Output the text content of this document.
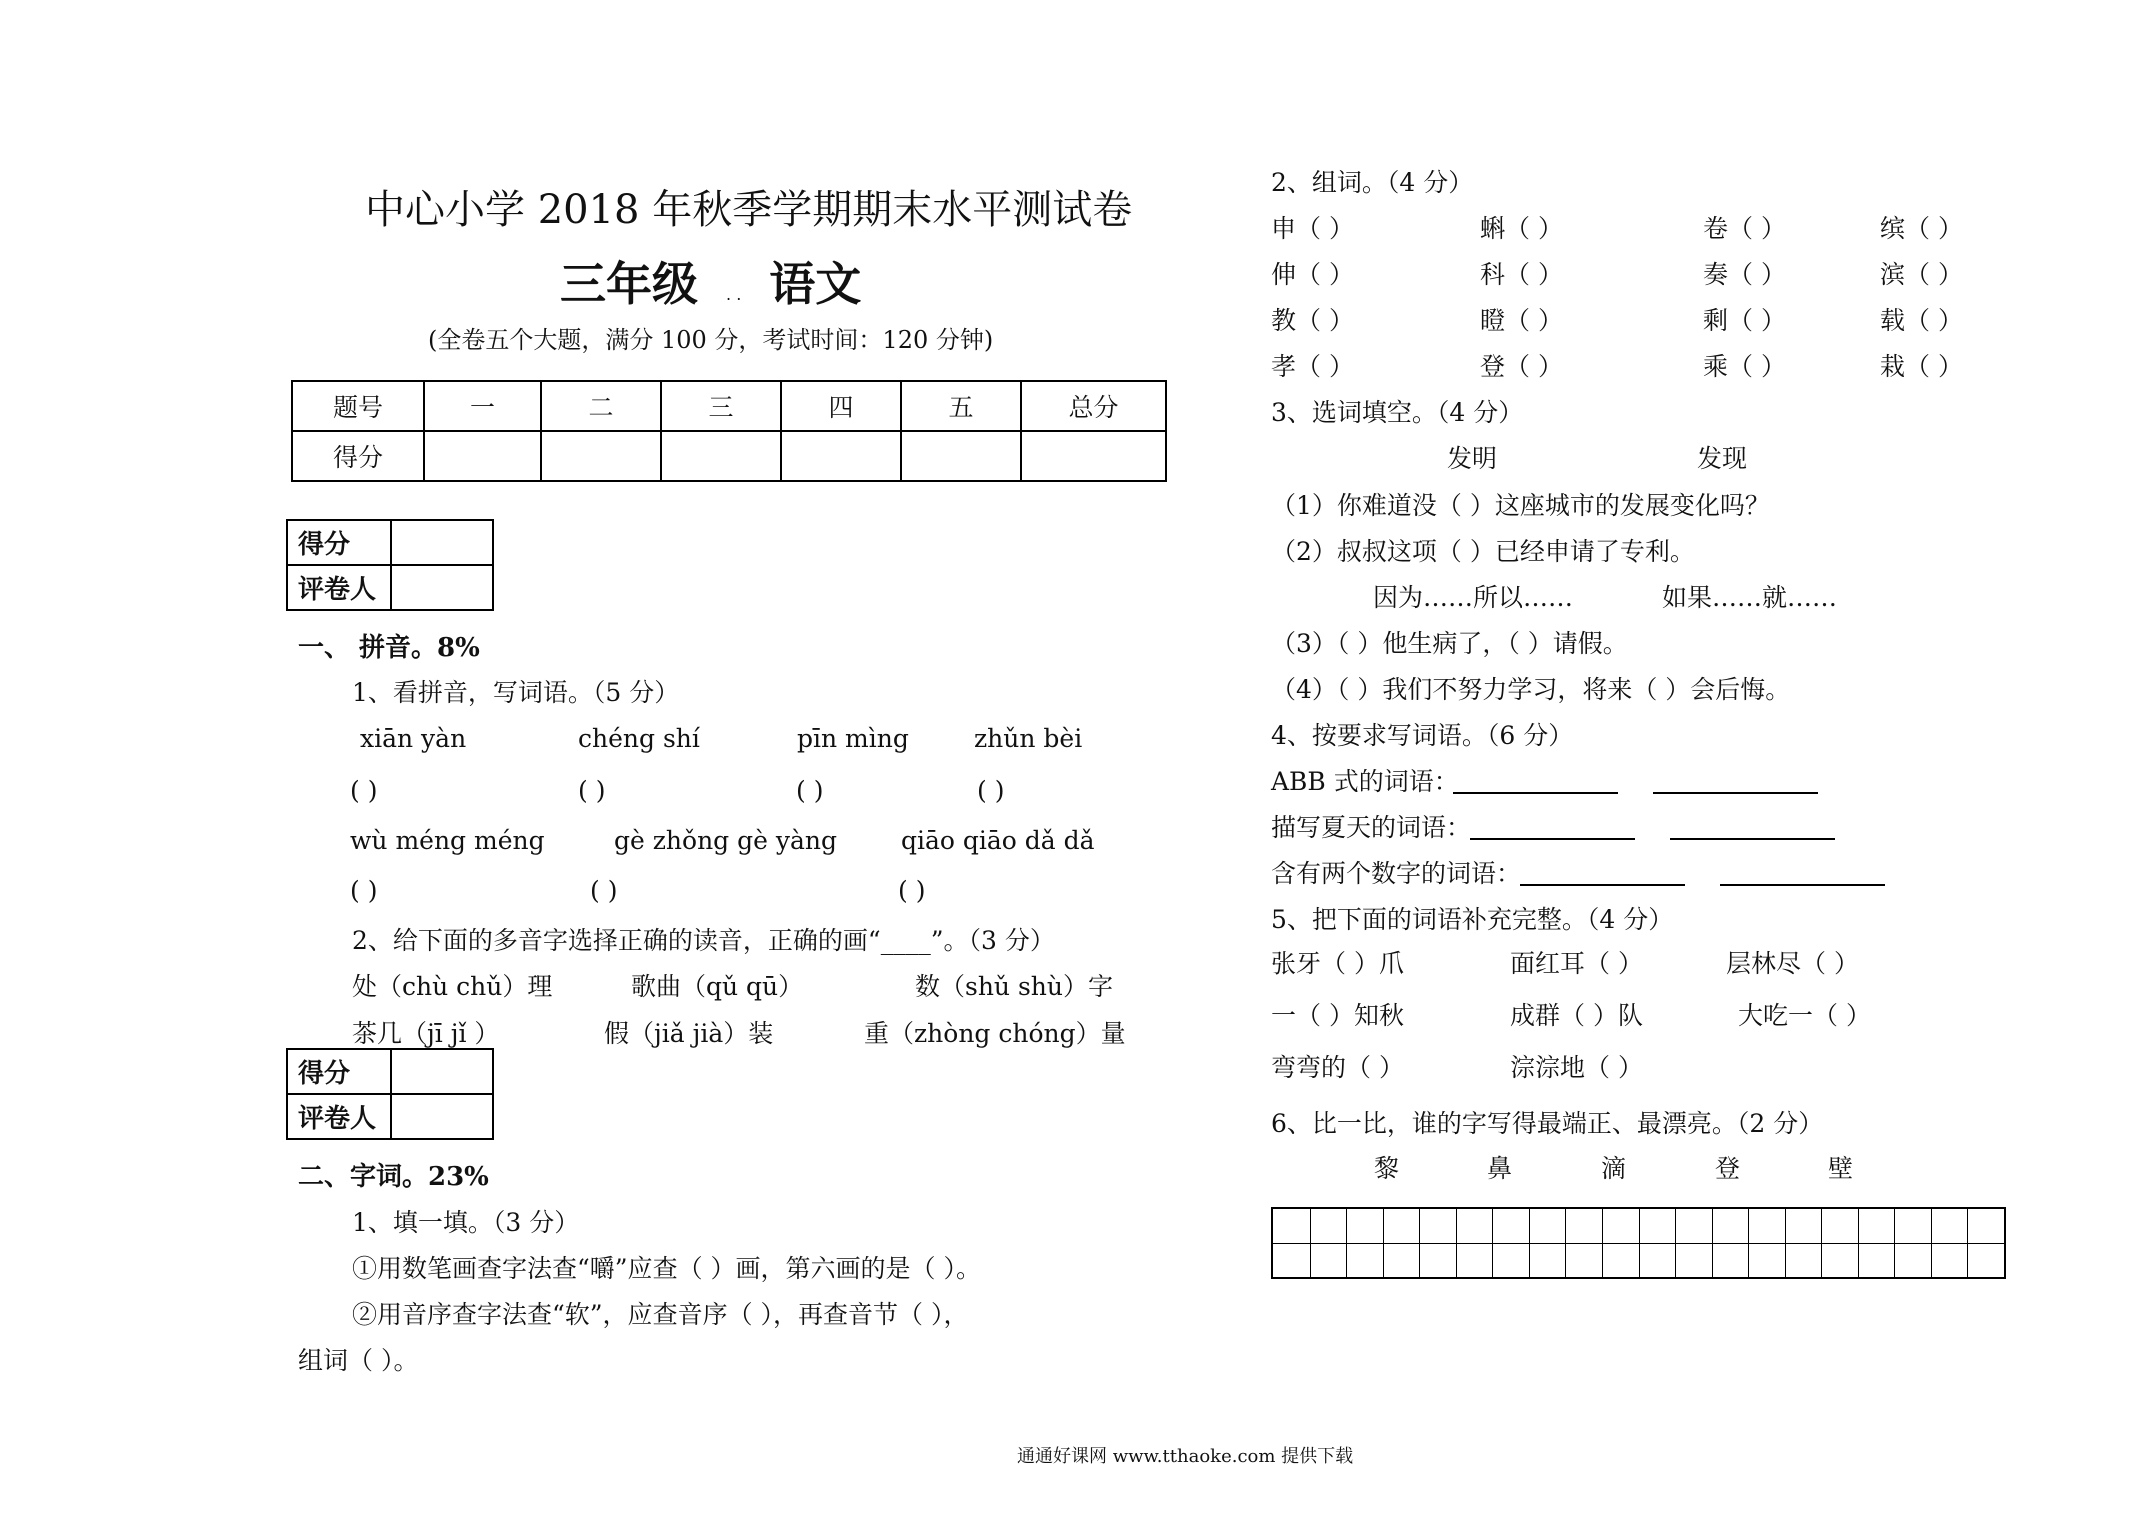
中心小学 2018 年秋季学期期末水平测试卷
三年级 . . 语文
(全卷五个大题，满分 100 分，考试时间：120 分钟)
题号	一	二	三	四	五	总分
得分						
得分	
评卷人	
一、 拼音。8%
1、看拼音，写词语。（5 分）
xiān yàn	chéng shí	pīn mìng	zhǔn bèi
( )	( )	( )	( )
wù méng méng	gè zhǒng gè yàng	qiāo qiāo dǎ dǎ
( )	( )	( )
2、给下面的多音字选择正确的读音，正确的画“____”。（3 分）
处（chù chǔ）理	歌曲（qǔ qū）	数（shǔ shù）字
茶几（jī jǐ ）	假（jiǎ jià）装	重（zhòng chóng）量
得分	
评卷人	
二、字词。23%
1、填一填。（3 分）
①用数笔画查字法查“嚼”应查（ ）画，第六画的是（ ）。
②用音序查字法查“软”，应查音序（ ），再查音节（ ），
组词（ ）。
2、组词。（4 分）
申（ ）	蝌（ ）	卷（ ）	缤（ ）
伸（ ）	科（ ）	奏（ ）	滨（ ）
教（ ）	瞪（ ）	剩（ ）	载（ ）
孝（ ）	登（ ）	乘（ ）	栽（ ）
3、选词填空。（4 分）
发明	发现
（1）你难道没（ ）这座城市的发展变化吗？
（2）叔叔这项（ ）已经申请了专利。
因为……所以……	如果……就……
（3）（ ）他生病了，（ ）请假。
（4）（ ）我们不努力学习，将来（ ）会后悔。
4、按要求写词语。（6 分）
ABB 式的词语：
描写夏天的词语：
含有两个数字的词语：
5、把下面的词语补充完整。（4 分）
张牙（ ）爪	面红耳（ ）	层林尽（ ）
一（ ）知秋	成群（ ）队	大吃一（ ）
弯弯的（ ）	淙淙地（ ）
6、比一比，谁的字写得最端正、最漂亮。（2 分）
黎	鼻	滴	登	壁
通通好课网 www.tthaoke.com 提供下载
